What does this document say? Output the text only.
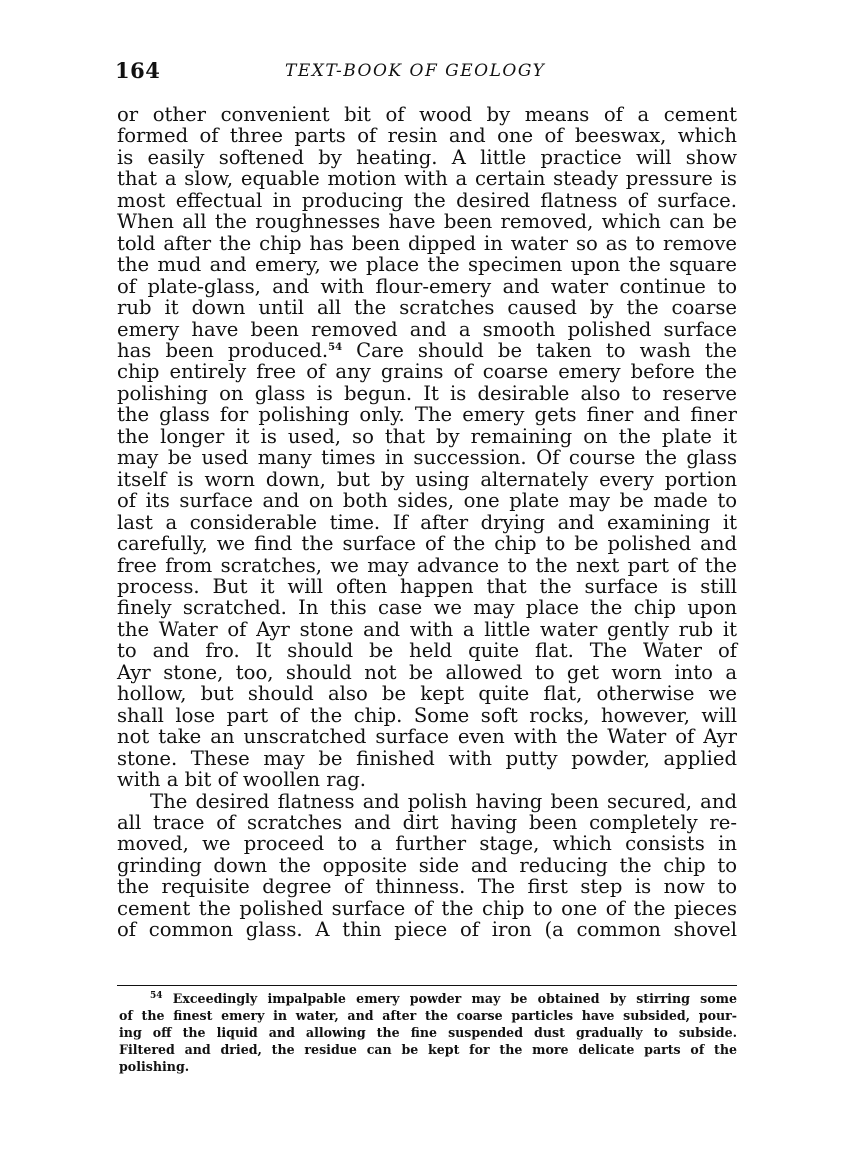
164	TEXT-BOOK OF GEOLOGY
or other convenient bit of wood by means of a cement
formed of three parts of resin and one of beeswax, which
is easily softened by heating. A little practice will show
that a slow, equable motion with a certain steady pressure is
most effectual in producing the desired flatness of surface.
When all the roughnesses have been removed, which can be
told after the chip has been dipped in water so as to remove
the mud and emery, we place the specimen upon the square
of plate-glass, and with flour-emery and water continue to
rub it down until all the scratches caused by the coarse
emery have been removed and a smooth polished surface
has been produced.$^{54}$ Care should be taken to wash the
chip entirely free of any grains of coarse emery before the
polishing on glass is begun. It is desirable also to reserve
the glass for polishing only. The emery gets finer and finer
the longer it is used, so that by remaining on the plate it
may be used many times in succession. Of course the glass
itself is worn down, but by using alternately every portion
of its surface and on both sides, one plate may be made to
last a considerable time. If after drying and examining it
carefully, we find the surface of the chip to be polished and
free from scratches, we may advance to the next part of the
process. But it will often happen that the surface is still
finely scratched. In this case we may place the chip upon
the Water of Ayr stone and with a little water gently rub it
to and fro. It should be held quite flat. The Water of
Ayr stone, too, should not be allowed to get worn into a
hollow, but should also be kept quite flat, otherwise we
shall lose part of the chip. Some soft rocks, however, will
not take an unscratched surface even with the Water of Ayr
stone. These may be finished with putty powder, applied
with a bit of woollen rag.
The desired flatness and polish having been secured, and
all trace of scratches and dirt having been completely re-
moved, we proceed to a further stage, which consists in
grinding down the opposite side and reducing the chip to
the requisite degree of thinness. The first step is now to
cement the polished surface of the chip to one of the pieces
of common glass. A thin piece of iron (a common shovel
$^{54}$ Exceedingly impalpable emery powder may be obtained by stirring some
of the finest emery in water, and after the coarse particles have subsided, pour-
ing off the liquid and allowing the fine suspended dust gradually to subside.
Filtered and dried, the residue can be kept for the more delicate parts of the
polishing.
